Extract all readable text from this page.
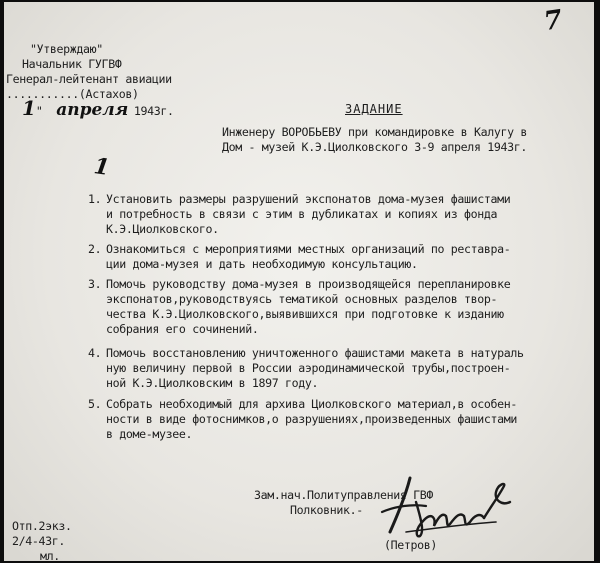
7
"Утверждаю"
Начальник ГУГВФ
Генерал-лейтенант авиации
...........(Астахов)
1" апреля 1943г.	ЗАДАНИЕ
Инженеру ВОРОБЬЕВУ при командировке в Калугу в
Дом - музей К.Э.Циолковского 3-9 апреля 1943г.
1
1. Установить размеры разрушений экспонатов дома-музея фашистами
и потребность в связи с этим в дубликатах и копиях из фонда
К.Э.Циолковского.
2. Ознакомиться с мероприятиями местных организаций по реставра-
ции дома-музея и дать необходимую консультацию.
3. Помочь руководству дома-музея в производящейся перепланировке
экспонатов,руководствуясь тематикой основных разделов твор-
чества К.Э.Циолковского,выявившихся при подготовке к изданию
собрания его сочинений.
4. Помочь восстановлению уничтоженного фашистами макета в натураль
ную величину первой в России аэродинамической трубы,построен-
ной К.Э.Циолковским в 1897 году.
5. Собрать необходимый для архива Циолковского материал,в особен-
ности в виде фотоснимков,о разрушениях,произведенных фашистами
в доме-музее.
Зам.нач.Политуправления ГВФ
Полковник.-
(Петров)
Отп.2экз.
2/4-43г.
мл.
